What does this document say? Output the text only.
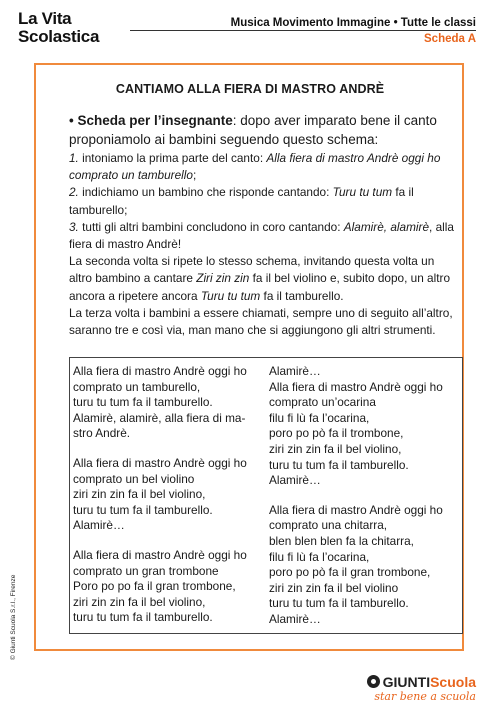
La Vita
Scolastica
Musica Movimento Immagine • Tutte le classi
Scheda A
CANTIAMO ALLA FIERA DI MASTRO ANDRÈ
• Scheda per l’insegnante: dopo aver imparato bene il canto proponiamolo ai bambini seguendo questo schema:

1. intoniamo la prima parte del canto: Alla fiera di mastro Andrè oggi ho comprato un tamburello;

2. indichiamo un bambino che risponde cantando: Turu tu tum fa il tamburello;

3. tutti gli altri bambini concludono in coro cantando: Alamirè, alamirè, alla fiera di mastro Andrè!

La seconda volta si ripete lo stesso schema, invitando questa volta un altro bambino a cantare Ziri zin zin fa il bel violino e, subito dopo, un altro ancora a ripetere ancora Turu tu tum fa il tamburello.

La terza volta i bambini a essere chiamati, sempre uno di seguito all’altro, saranno tre e così via, man mano che si aggiungono gli altri strumenti.

Alla fiera di mastro Andrè oggi ho
comprato un tamburello,
turu tu tum fa il tamburello.
Alamirè, alamirè, alla fiera di ma-
stro Andrè.

Alla fiera di mastro Andrè oggi ho
comprato un bel violino
ziri zin zin fa il bel violino,
turu tu tum fa il tamburello.
Alamirè…

Alla fiera di mastro Andrè oggi ho
comprato un gran trombone
Poro po po fa il gran trombone,
ziri zin zin fa il bel violino,
turu tu tum fa il tamburello.

Alamirè…
Alla fiera di mastro Andrè oggi ho
comprato un’ocarina
filu fi lù fa l’ocarina,
poro po pò fa il trombone,
ziri zin zin fa il bel violino,
turu tu tum fa il tamburello.
Alamirè…

Alla fiera di mastro Andrè oggi ho
comprato una chitarra,
blen blen blen fa la chitarra,
filu fi lù fa l’ocarina,
poro po pò fa il gran trombone,
ziri zin zin fa il bel violino
turu tu tum fa il tamburello.
Alamirè…

© Giunti Scuola S.r.l., Firenze
GIUNTIScuola
star bene a scuola
